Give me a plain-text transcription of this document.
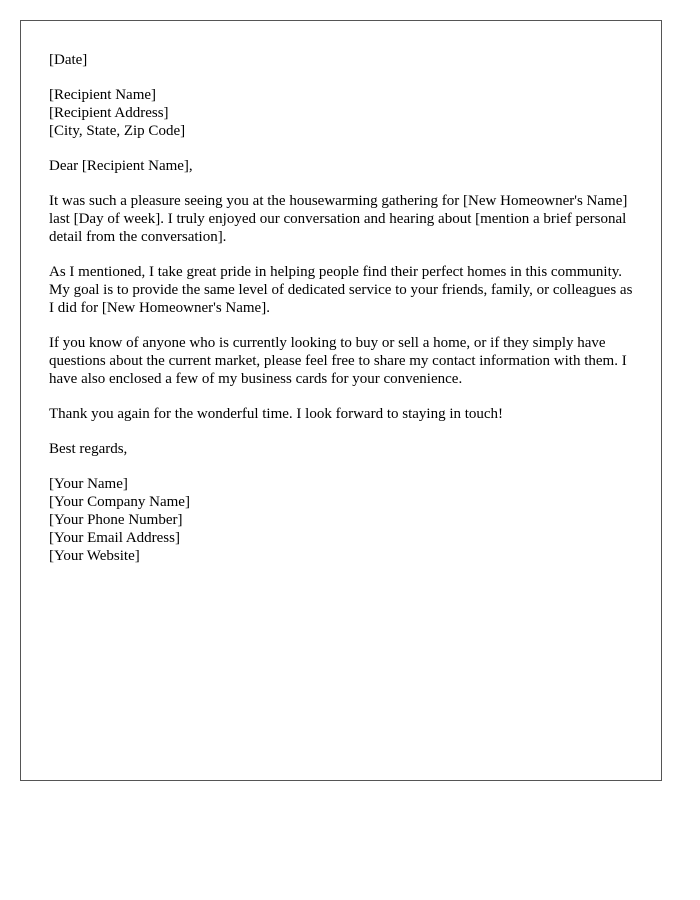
[Date]

[Recipient Name]
[Recipient Address]
[City, State, Zip Code]

Dear [Recipient Name],

It was such a pleasure seeing you at the housewarming gathering for [New Homeowner's Name] last [Day of week]. I truly enjoyed our conversation and hearing about [mention a brief personal detail from the conversation].

As I mentioned, I take great pride in helping people find their perfect homes in this community. My goal is to provide the same level of dedicated service to your friends, family, or colleagues as I did for [New Homeowner's Name].

If you know of anyone who is currently looking to buy or sell a home, or if they simply have questions about the current market, please feel free to share my contact information with them. I have also enclosed a few of my business cards for your convenience.

Thank you again for the wonderful time. I look forward to staying in touch!

Best regards,

[Your Name]
[Your Company Name]
[Your Phone Number]
[Your Email Address]
[Your Website]
